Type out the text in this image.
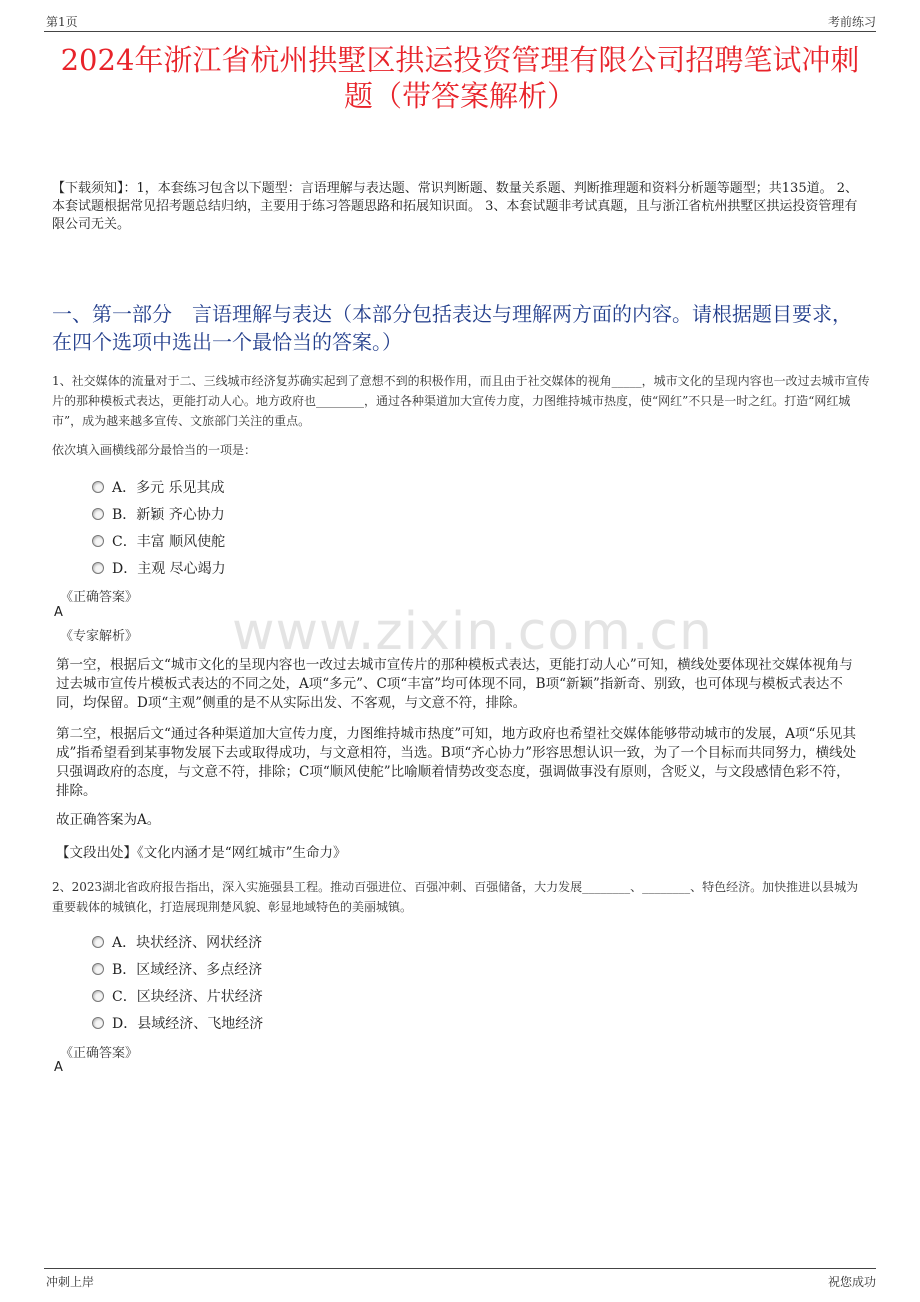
第1页	考前练习
2024年浙江省杭州拱墅区拱运投资管理有限公司招聘笔试冲刺题（带答案解析）
【下载须知】：1，本套练习包含以下题型：言语理解与表达题、常识判断题、数量关系题、判断推理题和资料分析题等题型；共135道。 2、本套试题根据常见招考题总结归纳，主要用于练习答题思路和拓展知识面。 3、本套试题非考试真题，且与浙江省杭州拱墅区拱运投资管理有限公司无关。
一、第一部分　言语理解与表达（本部分包括表达与理解两方面的内容。请根据题目要求，在四个选项中选出一个最恰当的答案。）
1、社交媒体的流量对于二、三线城市经济复苏确实起到了意想不到的积极作用，而且由于社交媒体的视角_____，城市文化的呈现内容也一改过去城市宣传片的那种模板式表达，更能打动人心。地方政府也________，通过各种渠道加大宣传力度，力图维持城市热度，使“网红”不只是一时之红。打造“网红城市”，成为越来越多宣传、文旅部门关注的重点。
依次填入画横线部分最恰当的一项是：
A．多元 乐见其成
B．新颖 齐心协力
C．丰富 顺风使舵
D．主观 尽心竭力
《正确答案》
A
《专家解析》 www.zixin.com.cn
第一空，根据后文“城市文化的呈现内容也一改过去城市宣传片的那种模板式表达，更能打动人心”可知，横线处要体现社交媒体视角与过去城市宣传片模板式表达的不同之处，A项“多元”、C项“丰富”均可体现不同，B项“新颖”指新奇、别致，也可体现与模板式表达不同，均保留。D项“主观”侧重的是不从实际出发、不客观，与文意不符，排除。
第二空，根据后文“通过各种渠道加大宣传力度，力图维持城市热度”可知，地方政府也希望社交媒体能够带动城市的发展，A项“乐见其成”指希望看到某事物发展下去或取得成功，与文意相符，当选。B项“齐心协力”形容思想认识一致，为了一个目标而共同努力，横线处只强调政府的态度，与文意不符，排除；C项“顺风使舵”比喻顺着情势改变态度，强调做事没有原则，含贬义，与文段感情色彩不符，排除。
故正确答案为A。
【文段出处】《文化内涵才是“网红城市”生命力》
2、2023湖北省政府报告指出，深入实施强县工程。推动百强进位、百强冲刺、百强储备，大力发展________、________、特色经济。加快推进以县城为重要载体的城镇化，打造展现荆楚风貌、彰显地域特色的美丽城镇。
A．块状经济、网状经济
B．区域经济、多点经济
C．区块经济、片状经济
D．县域经济、飞地经济
《正确答案》
A
冲刺上岸	祝您成功
